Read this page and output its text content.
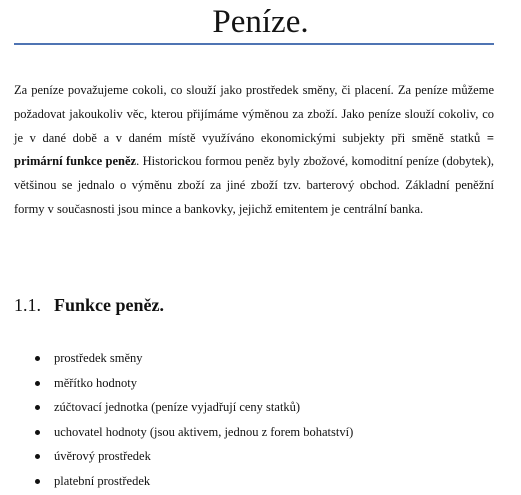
Peníze.

Za peníze považujeme cokoli, co slouží jako prostředek směny, či placení. Za peníze můžeme požadovat jakoukoliv věc, kterou přijímáme výměnou za zboží. Jako peníze slouží cokoliv, co je v dané době a v daném místě využíváno ekonomickými subjekty při směně statků = primární funkce peněz. Historickou formou peněz byly zbožové, komoditní peníze (dobytek), většinou se jednalo o výměnu zboží za jiné zboží tzv. barterový obchod. Základní peněžní formy v současnosti jsou mince a bankovky, jejichž emitentem je centrální banka.

1.1. Funkce peněz.
prostředek směny
měřítko hodnoty
zúčtovací jednotka (peníze vyjadřují ceny statků)
uchovatel hodnoty (jsou aktivem, jednou z forem bohatství)
úvěrový prostředek
platební prostředek
